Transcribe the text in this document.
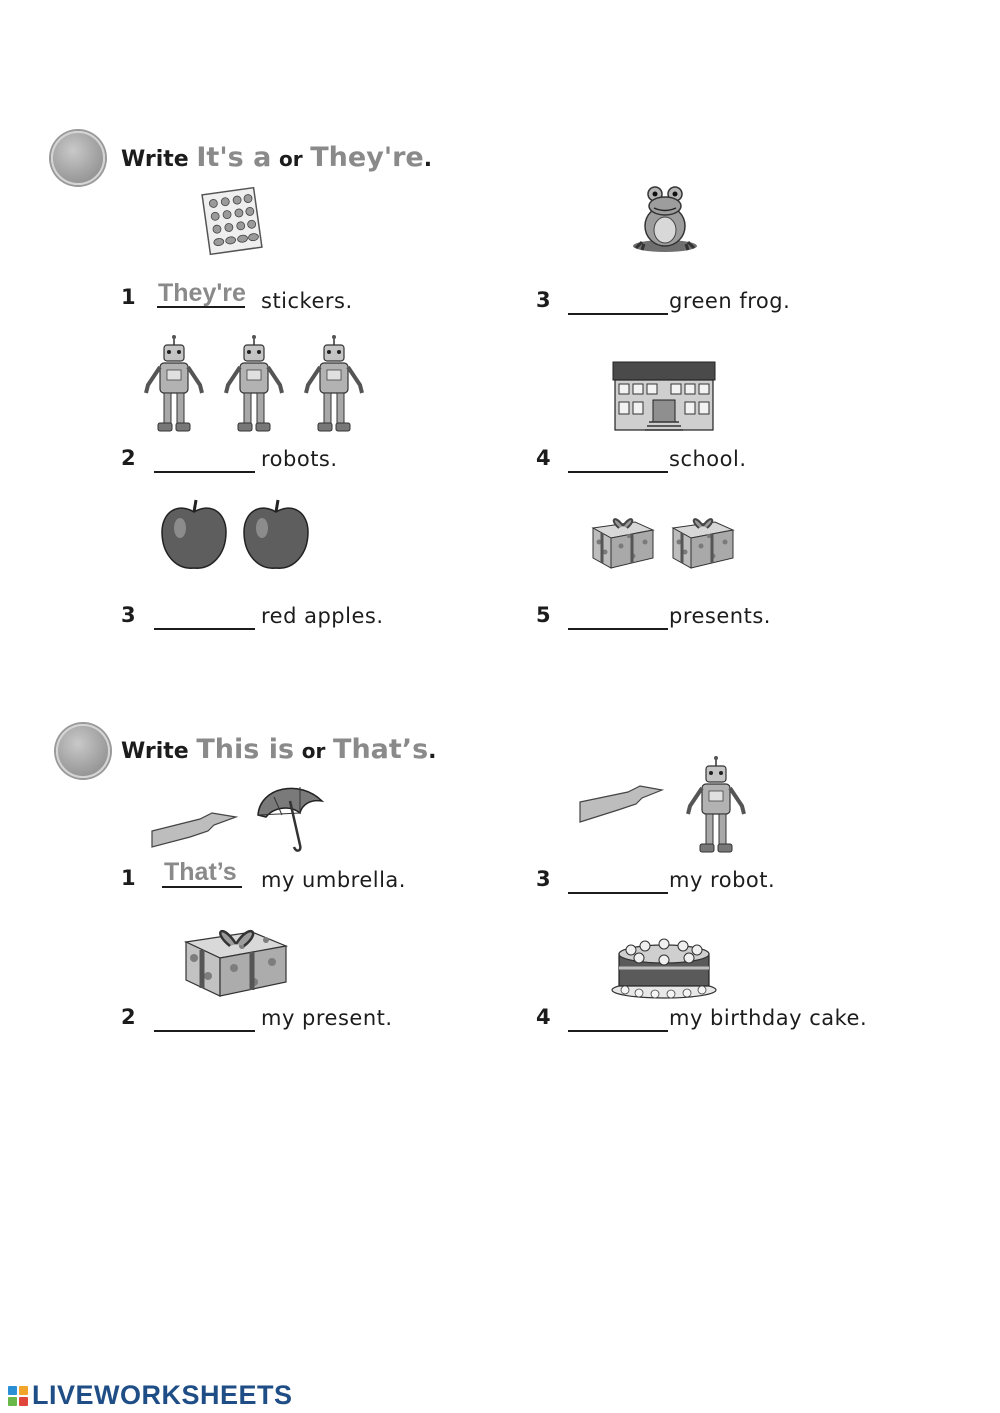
Write It's a or They're.
1 They're stickers.	3	green frog.
2	robots.	4	school.
3	red apples.	5	presents.
Write This is or That’s.
1 That’s my umbrella.	3	my robot.
2	my present.	4	my birthday cake.
LIVEWORKSHEETS
